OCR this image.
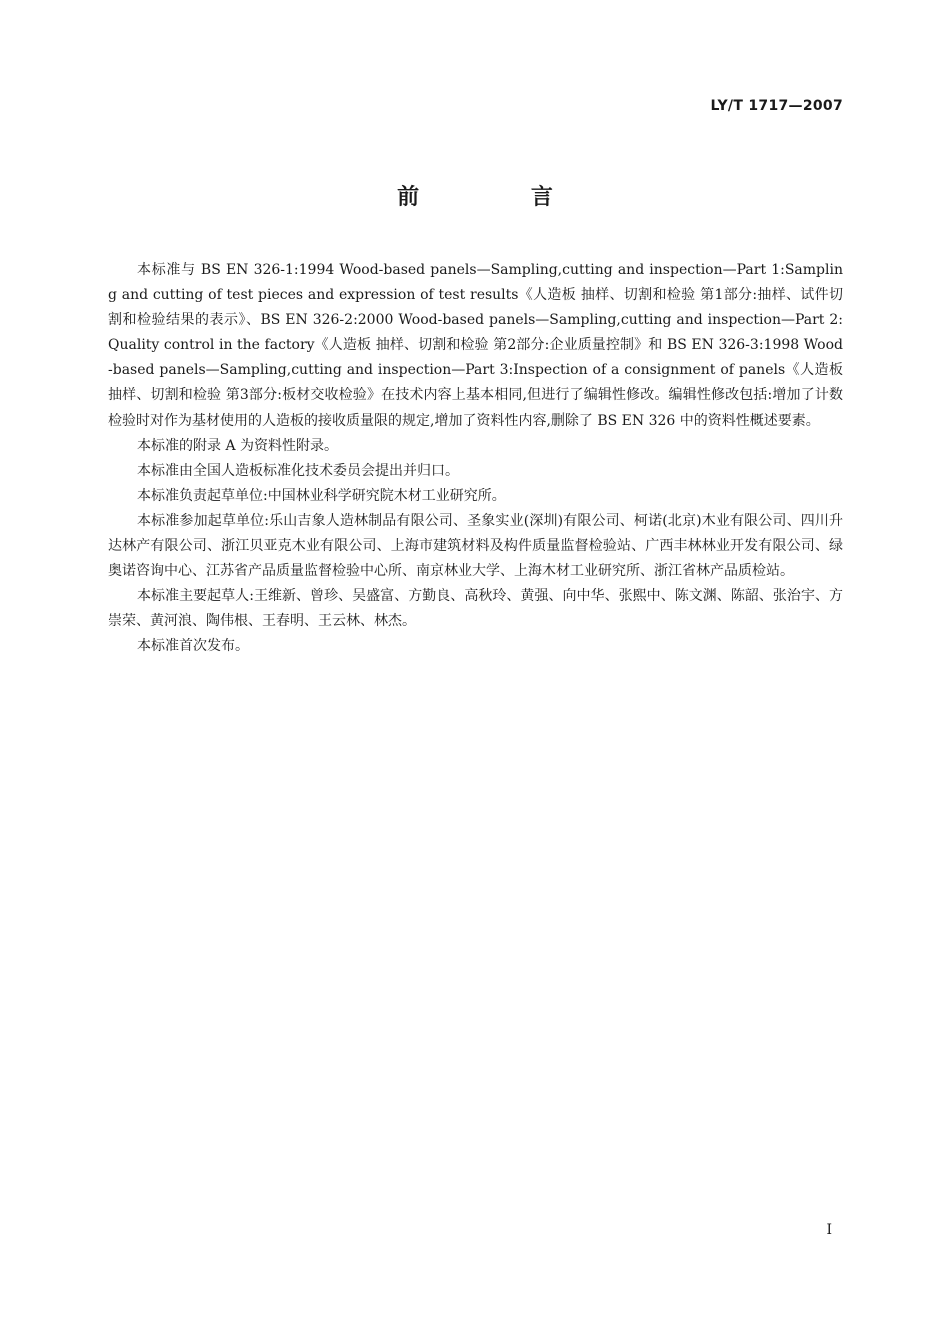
LY/T 1717—2007
前 言

本标准与 BS EN 326-1:1994 Wood-based panels—Sampling,cutting and inspection—Part 1:Sampling and cutting of test pieces and expression of test results《人造板 抽样、切割和检验 第1部分:抽样、试件切割和检验结果的表示》、BS EN 326-2:2000 Wood-based panels—Sampling,cutting and inspection—Part 2:Quality control in the factory《人造板 抽样、切割和检验 第2部分:企业质量控制》和 BS EN 326-3:1998 Wood-based panels—Sampling,cutting and inspection—Part 3:Inspection of a consignment of panels《人造板 抽样、切割和检验 第3部分:板材交收检验》在技术内容上基本相同,但进行了编辑性修改。编辑性修改包括:增加了计数检验时对作为基材使用的人造板的接收质量限的规定,增加了资料性内容,删除了 BS EN 326 中的资料性概述要素。

本标准的附录 A 为资料性附录。

本标准由全国人造板标准化技术委员会提出并归口。

本标准负责起草单位:中国林业科学研究院木材工业研究所。

本标准参加起草单位:乐山吉象人造林制品有限公司、圣象实业(深圳)有限公司、柯诺(北京)木业有限公司、四川升达林产有限公司、浙江贝亚克木业有限公司、上海市建筑材料及构件质量监督检验站、广西丰林林业开发有限公司、绿奥诺咨询中心、江苏省产品质量监督检验中心所、南京林业大学、上海木材工业研究所、浙江省林产品质检站。

本标准主要起草人:王维新、曾珍、吴盛富、方勤良、高秋玲、黄强、向中华、张熙中、陈文渊、陈韶、张治宇、方崇荣、黄河浪、陶伟根、王春明、王云林、林杰。

本标准首次发布。

I
